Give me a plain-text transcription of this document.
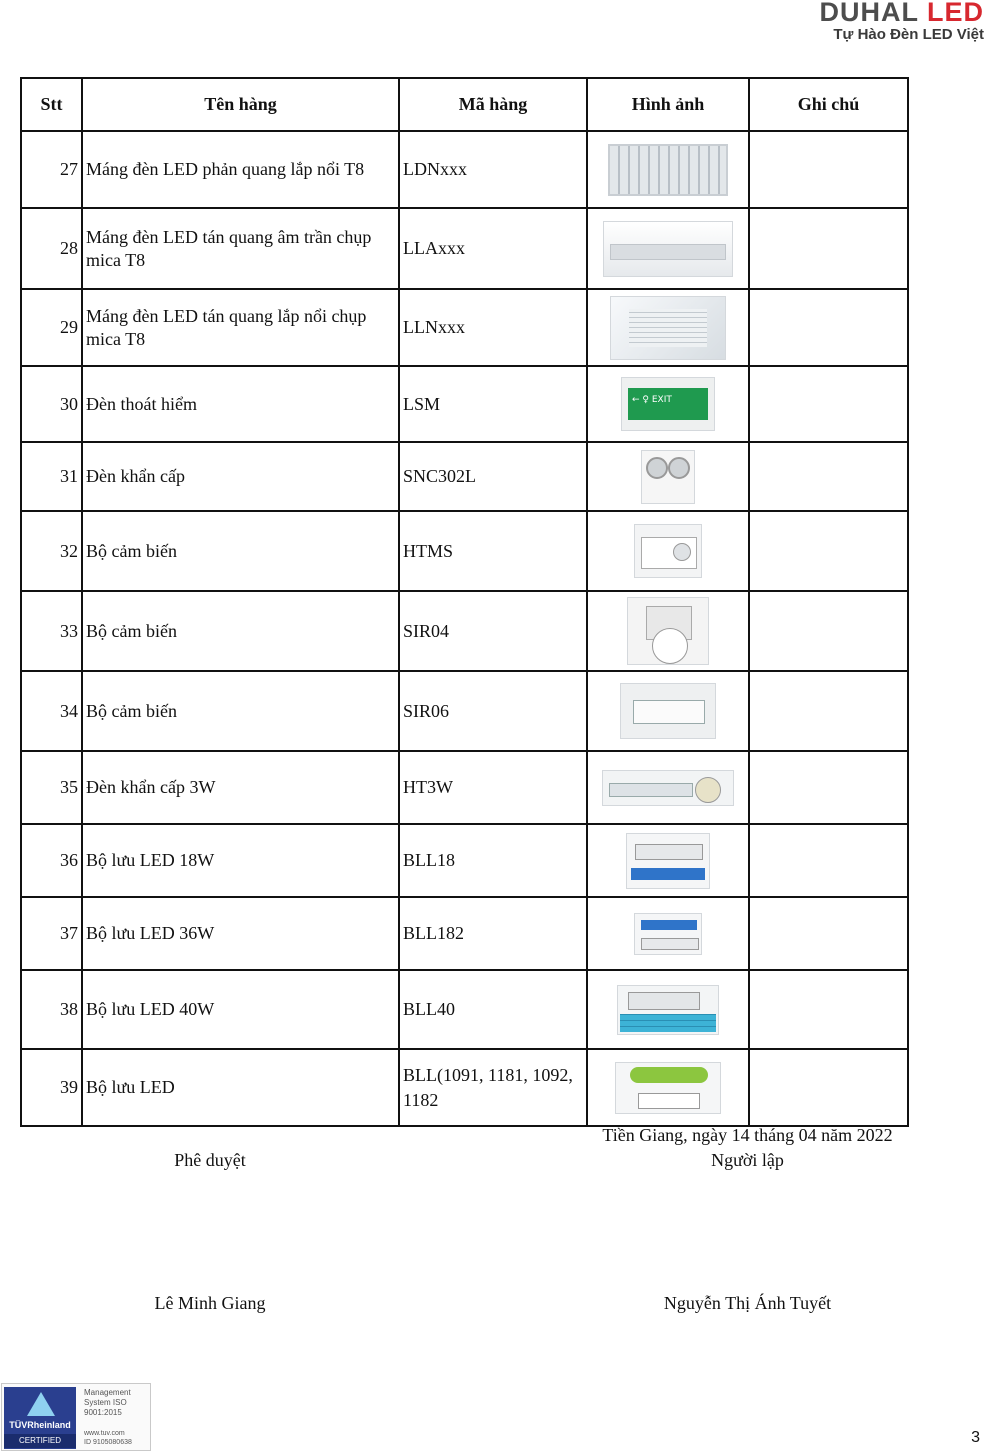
DUHAL LED
Tự Hào Đèn LED Việt
Stt	Tên hàng	Mã hàng	Hình ảnh	Ghi chú
27	Máng đèn LED phản quang lắp nổi T8	LDNxxx		
28	Máng đèn LED tán quang âm trần chụp mica T8	LLAxxx		
29	Máng đèn LED tán quang lắp nổi chụp mica T8	LLNxxx		
30	Đèn thoát hiểm	LSM	← ♀ EXIT	
31	Đèn khẩn cấp	SNC302L		
32	Bộ cảm biến	HTMS		
33	Bộ cảm biến	SIR04		
34	Bộ cảm biến	SIR06		
35	Đèn khẩn cấp 3W	HT3W		
36	Bộ lưu LED 18W	BLL18		
37	Bộ lưu LED 36W	BLL182		
38	Bộ lưu LED 40W	BLL40		
39	Bộ lưu LED	BLL(1091, 1181, 1092, 1182		
Phê duyệt
Tiền Giang, ngày 14 tháng 04 năm 2022
Người lập
Lê Minh Giang	Nguyễn Thị Ánh Tuyết
TÜVRheinland
CERTIFIED
Management System ISO 9001:2015
www.tuv.com
ID 9105080638	3
